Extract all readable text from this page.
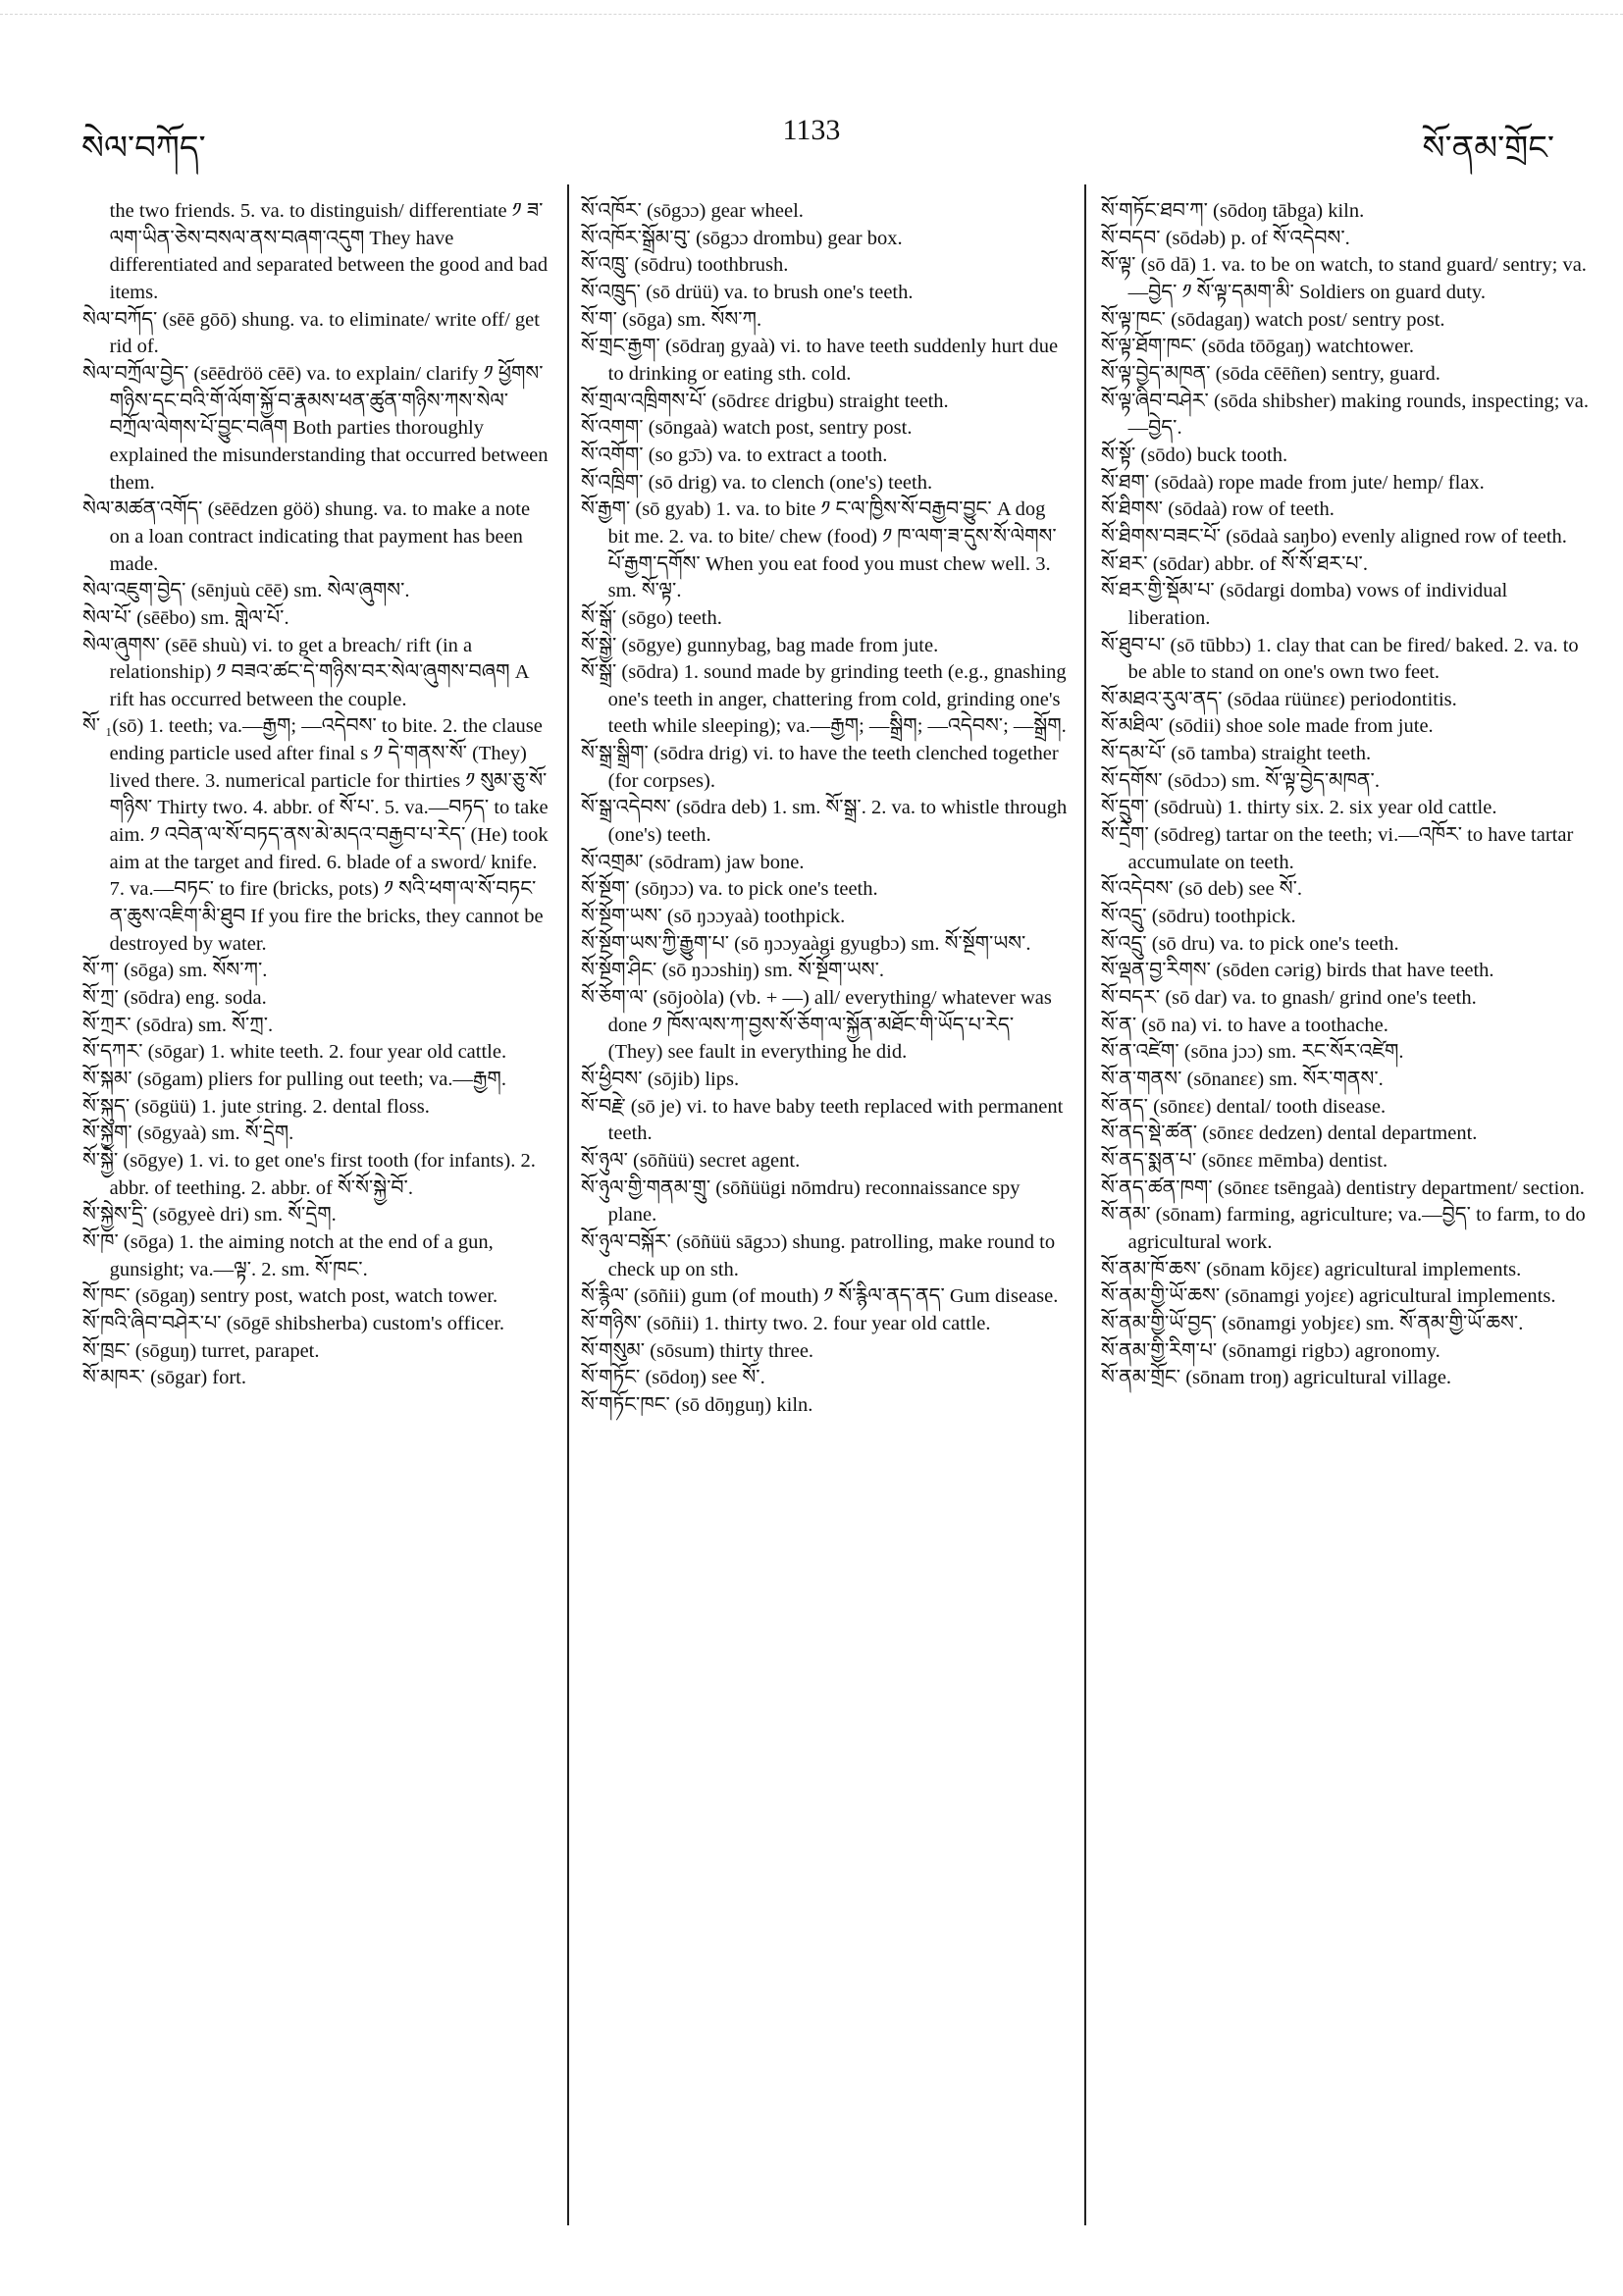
སེལ་བཀོད་
1133
སོ་ནམ་གྲོང་

the two friends. 5. va. to distinguish/ differentiate ༡ ཟ་ལག་ཡིན་ཅེས་བསལ་ནས་བཞག་འདུག They have differentiated and separated between the good and bad items.

སེལ་བཀོད་ (sēē gōō) shung. va. to eliminate/ write off/ get rid of.

སེལ་བཀྲོལ་བྱེད་ (sēēdröö cēē) va. to explain/ clarify ༡ ཕྱོགས་གཉིས་དང་བའི་གོ་ལོག་སྐྱོ་བ་རྣམས་ཕན་ཚུན་གཉིས་ཀས་སེལ་བཀྲོལ་ལེགས་པོ་བྱུང་བཞག Both parties thoroughly explained the misunderstanding that occurred between them.

སེལ་མཚན་འགོད་ (sēēdzen göö) shung. va. to make a note on a loan contract indicating that payment has been made.

སེལ་འཇུག་བྱེད་ (sēnjuù cēē) sm. སེལ་ཞུགས་.

སེལ་པོ་ (sēēbo) sm. གླེལ་པོ་.

སེལ་ཞུགས་ (sēē shuù) vi. to get a breach/ rift (in a relationship) ༡ བཟའ་ཚང་དེ་གཉིས་བར་སེལ་ཞུགས་བཞག A rift has occurred between the couple.

སོ་ ₁(sō) 1. teeth; va.—རྒྱག; —འདེབས་ to bite. 2. the clause ending particle used after final s ༡ དེ་གནས་སོ་ (They) lived there. 3. numerical particle for thirties ༡ སུམ་ཅུ་སོ་གཉིས་ Thirty two. 4. abbr. of སོ་པ་. 5. va.—བཏད་ to take aim. ༡ འབེན་ལ་སོ་བཏད་ནས་མེ་མདའ་བརྒྱབ་པ་རེད་ (He) took aim at the target and fired. 6. blade of a sword/ knife. 7. va.—བཏང་ to fire (bricks, pots) ༡ སའི་ཕག་ལ་སོ་བཏང་ན་ཆུས་འཇིག་མི་ཐུབ If you fire the bricks, they cannot be destroyed by water.

སོ་ཀ་ (sōga) sm. སོས་ཀ་.

སོ་ཀྲ་ (sōdra) eng. soda.

སོ་ཀྲར་ (sōdra) sm. སོ་ཀྲ་.

སོ་དཀར་ (sōgar) 1. white teeth. 2. four year old cattle.

སོ་སྐམ་ (sōgam) pliers for pulling out teeth; va.—རྒྱག.

སོ་སྐུད་ (sōgüü) 1. jute string. 2. dental floss.

སོ་སྐྱག་ (sōgyaà) sm. སོ་དྲེག.

སོ་སྐྱེ་ (sōgye) 1. vi. to get one's first tooth (for infants). 2. abbr. of teething. 2. abbr. of སོ་སོ་སྐྱེ་བོ་.

སོ་སྐྱེས་དྲི་ (sōgyeè dri) sm. སོ་དྲེག.

སོ་ཁ་ (sōga) 1. the aiming notch at the end of a gun, gunsight; va.—ལྟ་. 2. sm. སོ་ཁང་.

སོ་ཁང་ (sōgaŋ) sentry post, watch post, watch tower.

སོ་ཁའི་ཞིབ་བཤེར་པ་ (sōgē shibsherba) custom's officer.

སོ་ཁྲང་ (sōguŋ) turret, parapet.

སོ་མཁར་ (sōgar) fort.

སོ་འཁོར་ (sōgɔɔ) gear wheel.

སོ་འཁོར་སྒྲོམ་བུ་ (sōgɔɔ drombu) gear box.

སོ་འཁྲུ་ (sōdru) toothbrush.

སོ་འཁྲུད་ (sō drüü) va. to brush one's teeth.

སོ་ག་ (sōga) sm. སོས་ཀ.

སོ་གྲང་རྒྱག་ (sōdraŋ gyaà) vi. to have teeth suddenly hurt due to drinking or eating sth. cold.

སོ་གྲལ་འཁྲིགས་པོ་ (sōdrεε drigbu) straight teeth.

སོ་འགག་ (sōngaà) watch post, sentry post.

སོ་འགོག་ (so gɔ̄ɔ) va. to extract a tooth.

སོ་འཁྲིག་ (sō drig) va. to clench (one's) teeth.

སོ་རྒྱག་ (sō gyab) 1. va. to bite ༡ ང་ལ་ཁྱིས་སོ་བརྒྱབ་བྱུང་ A dog bit me. 2. va. to bite/ chew (food) ༡ ཁ་ལག་ཟ་དུས་སོ་ལེགས་པོ་རྒྱག་དགོས་ When you eat food you must chew well. 3. sm. སོ་ལྟ་.

སོ་སྒོ་ (sōgo) teeth.

སོ་སྒྱེ་ (sōgye) gunnybag, bag made from jute.

སོ་སྒྲ་ (sōdra) 1. sound made by grinding teeth (e.g., gnashing one's teeth in anger, chattering from cold, grinding one's teeth while sleeping); va.—རྒྱག; —སྒྲིག; —འདེབས་; —སྒྲོག.

སོ་སྒྲ་སྒྲིག་ (sōdra drig) vi. to have the teeth clenched together (for corpses).

སོ་སྒྲ་འདེབས་ (sōdra deb) 1. sm. སོ་སྒྲ་. 2. va. to whistle through (one's) teeth.

སོ་འགྲམ་ (sōdram) jaw bone.

སོ་སྔོག་ (sōŋɔɔ) va. to pick one's teeth.

སོ་སྔོག་ཡས་ (sō ŋɔɔyaà) toothpick.

སོ་སྔོག་ཡས་ཀྱི་རྒྱུག་པ་ (sō ŋɔɔyaàgi gyugbɔ) sm. སོ་སྔོག་ཡས་.

སོ་སྔོག་ཤིང་ (sō ŋɔɔshiŋ) sm. སོ་སྔོག་ཡས་.

སོ་ཅོག་ལ་ (sōjoòla) (vb. + —) all/ everything/ whatever was done ༡ ཁོས་ལས་ཀ་བྱས་སོ་ཅོག་ལ་སྐྱོན་མཐོང་གི་ཡོད་པ་རེད་ (They) see fault in everything he did.

སོ་ཕྱིབས་ (sōjib) lips.

སོ་བརྗེ་ (sō je) vi. to have baby teeth replaced with permanent teeth.

སོ་ཉུལ་ (sōñüü) secret agent.

སོ་ཉུལ་གྱི་གནམ་གྲུ་ (sōñüügi nōmdru) reconnaissance spy plane.

སོ་ཉུལ་བསྐོར་ (sōñüü sāgɔɔ) shung. patrolling, make round to check up on sth.

སོ་རྙིལ་ (sōñii) gum (of mouth) ༡ སོ་རྙིལ་ནད་ནད་ Gum disease.

སོ་གཉིས་ (sōñii) 1. thirty two. 2. four year old cattle.

སོ་གསུམ་ (sōsum) thirty three.

སོ་གཏོང་ (sōdoŋ) see སོ་.

སོ་གཏོང་ཁང་ (sō dōŋguŋ) kiln.

སོ་གཏོང་ཐབ་ཀ་ (sōdoŋ tābga) kiln.

སོ་བདབ་ (sōdəb) p. of སོ་འདེབས་.

སོ་ལྟ་ (sō dā) 1. va. to be on watch, to stand guard/ sentry; va.—བྱེད་ ༡ སོ་ལྟ་དམག་མི་ Soldiers on guard duty.

སོ་ལྟ་ཁང་ (sōdagaŋ) watch post/ sentry post.

སོ་ལྟ་ཐོག་ཁང་ (sōda tōōgaŋ) watchtower.

སོ་ལྟ་བྱེད་མཁན་ (sōda cēēñen) sentry, guard.

སོ་ལྟ་ཞིབ་བཤེར་ (sōda shibsher) making rounds, inspecting; va.—བྱེད་.

སོ་སྟོ་ (sōdo) buck tooth.

སོ་ཐག་ (sōdaà) rope made from jute/ hemp/ flax.

སོ་ཐིགས་ (sōdaà) row of teeth.

སོ་ཐིགས་བཟང་པོ་ (sōdaà saŋbo) evenly aligned row of teeth.

སོ་ཐར་ (sōdar) abbr. of སོ་སོ་ཐར་པ་.

སོ་ཐར་གྱི་སྡོམ་པ་ (sōdargi domba) vows of individual liberation.

སོ་ཐུབ་པ་ (sō tūbbɔ) 1. clay that can be fired/ baked. 2. va. to be able to stand on one's own two feet.

སོ་མཐའ་རུལ་ནད་ (sōdaa rüünεε) periodontitis.

སོ་མཐིལ་ (sōdii) shoe sole made from jute.

སོ་དམ་པོ་ (sō tamba) straight teeth.

སོ་དགོས་ (sōdɔɔ) sm. སོ་ལྟ་བྱེད་མཁན་.

སོ་དྲུག་ (sōdruù) 1. thirty six. 2. six year old cattle.

སོ་དྲེག་ (sōdreg) tartar on the teeth; vi.—འཁོར་ to have tartar accumulate on teeth.

སོ་འདེབས་ (sō deb) see སོ་.

སོ་འདྲུ་ (sōdru) toothpick.

སོ་འདྲུ་ (sō dru) va. to pick one's teeth.

སོ་ལྡན་བྱ་རིགས་ (sōden cərig) birds that have teeth.

སོ་བདར་ (sō dar) va. to gnash/ grind one's teeth.

སོ་ན་ (sō na) vi. to have a toothache.

སོ་ན་འཛེག་ (sōna jɔɔ) sm. རང་སོར་འཛེག.

སོ་ན་གནས་ (sōnanεε) sm. སོར་གནས་.

སོ་ནད་ (sōnεε) dental/ tooth disease.

སོ་ནད་སྡེ་ཚན་ (sōnεε dedzen) dental department.

སོ་ནད་སྨན་པ་ (sōnεε mēmba) dentist.

སོ་ནད་ཚན་ཁག་ (sōnεε tsēngaà) dentistry department/ section.

སོ་ནམ་ (sōnam) farming, agriculture; va.—བྱེད་ to farm, to do agricultural work.

སོ་ནམ་ཁོ་ཆས་ (sōnam kōjεε) agricultural implements.

སོ་ནམ་གྱི་ཡོ་ཆས་ (sōnamgi yojεε) agricultural implements.

སོ་ནམ་གྱི་ཡོ་བྱད་ (sōnamgi yobjεε) sm. སོ་ནམ་གྱི་ཡོ་ཆས་.

སོ་ནམ་གྱི་རིག་པ་ (sōnamgi rigbɔ) agronomy.

སོ་ནམ་གྲོང་ (sōnam troŋ) agricultural village.
